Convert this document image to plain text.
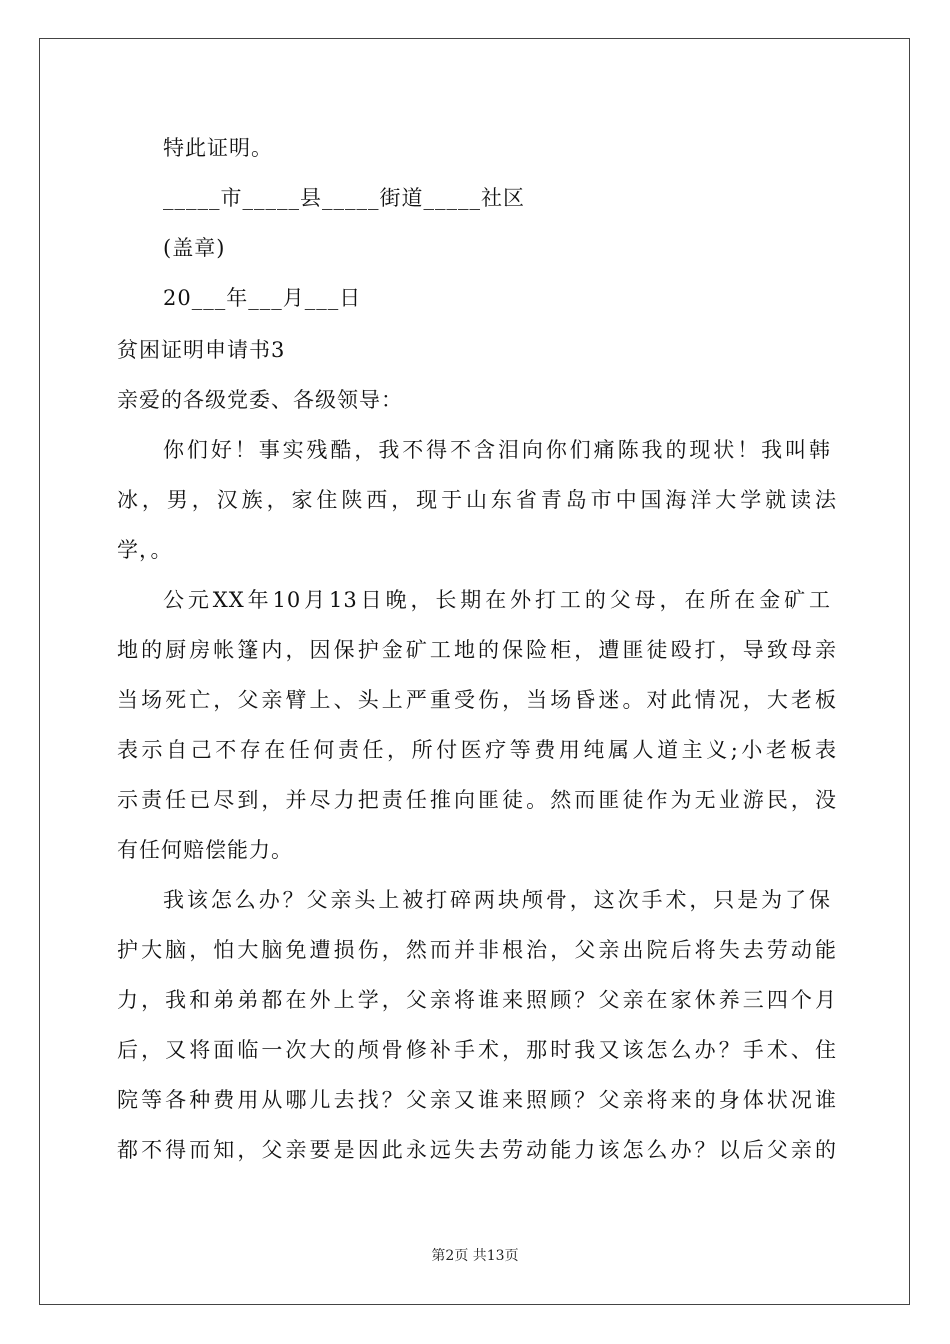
特此证明。
_____市_____县_____街道_____社区
(盖章)
20___年___月___日
贫困证明申请书3
亲爱的各级党委、各级领导：
你们好！事实残酷，我不得不含泪向你们痛陈我的现状！我叫韩
冰，男，汉族，家住陕西，现于山东省青岛市中国海洋大学就读法
学，。
公元XX年10月13日晚，长期在外打工的父母，在所在金矿工
地的厨房帐篷内，因保护金矿工地的保险柜，遭匪徒殴打，导致母亲
当场死亡，父亲臂上、头上严重受伤，当场昏迷。对此情况，大老板
表示自己不存在任何责任，所付医疗等费用纯属人道主义;小老板表
示责任已尽到，并尽力把责任推向匪徒。然而匪徒作为无业游民，没
有任何赔偿能力。
我该怎么办？父亲头上被打碎两块颅骨，这次手术，只是为了保
护大脑，怕大脑免遭损伤，然而并非根治，父亲出院后将失去劳动能
力，我和弟弟都在外上学，父亲将谁来照顾？父亲在家休养三四个月
后，又将面临一次大的颅骨修补手术，那时我又该怎么办？手术、住
院等各种费用从哪儿去找？父亲又谁来照顾？父亲将来的身体状况谁
都不得而知，父亲要是因此永远失去劳动能力该怎么办？以后父亲的
第2页 共13页
